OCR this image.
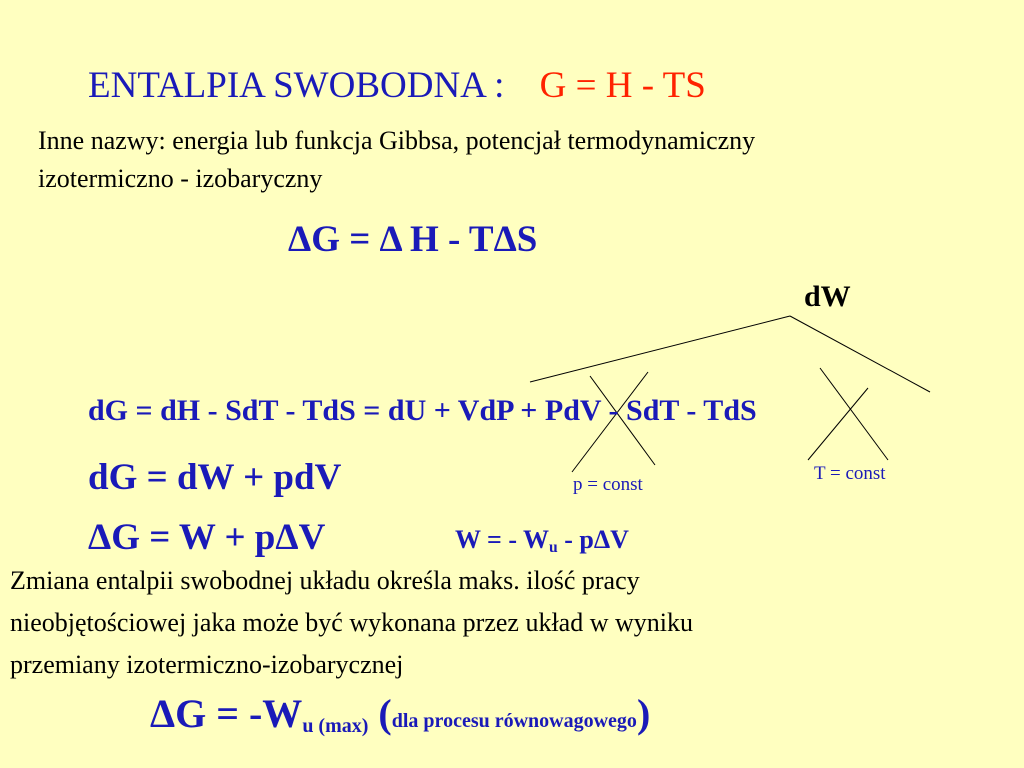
ENTALPIA SWOBODNA : G = H - TS
Inne nazwy: energia lub funkcja Gibbsa, potencjał termodynamiczny
izotermiczno - izobaryczny
ΔG = Δ H - TΔS
dW
dG = dH - SdT - TdS = dU + VdP + PdV - SdT - TdS
dG = dW + pdV	p = const
T = const
ΔG = W + pΔV	W = - $W_u$ - pΔV
Zmiana entalpii swobodnej układu określa maks. ilość pracy
nieobjętościowej jaka może być wykonana przez układ w wyniku
przemiany izotermiczno-izobarycznej
$\Delta G = -W_{u (max)}$ (dla procesu równowagowego)
